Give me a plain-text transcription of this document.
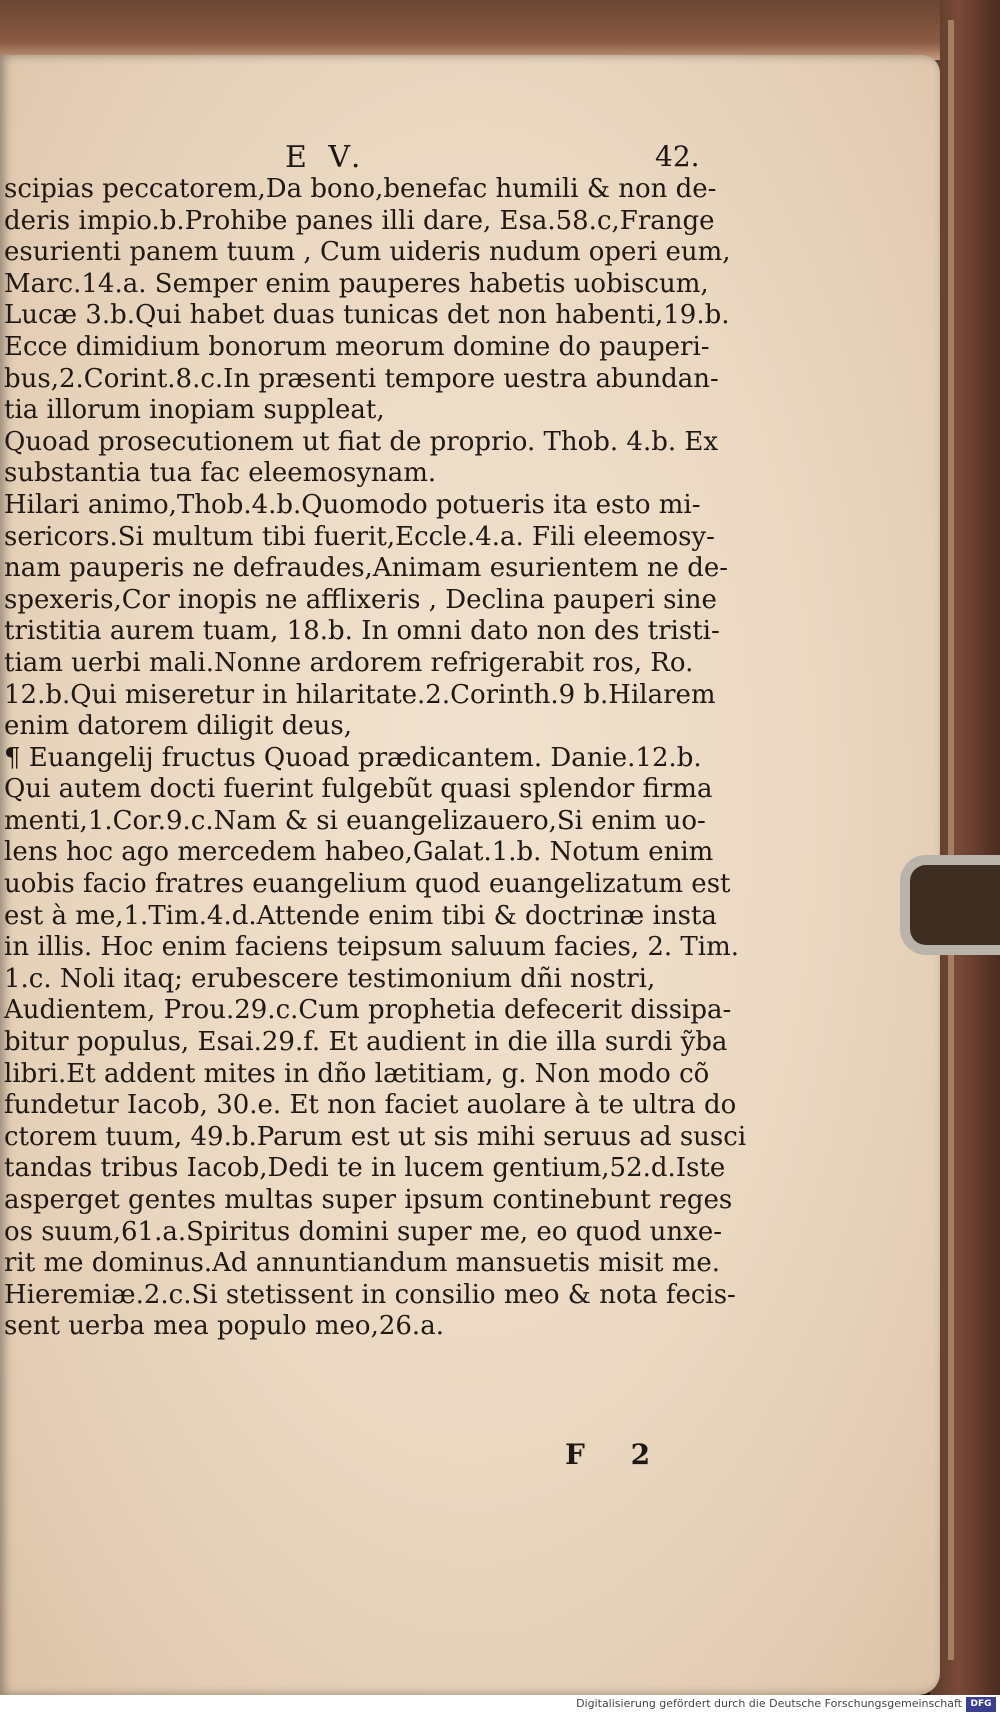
E V.	42.
scipias peccatorem,Da bono,benefac humili & non de-
deris impio.b.Prohibe panes illi dare, Esa.58.c,Frange
esurienti panem tuum , Cum uideris nudum operi eum,
Marc.14.a. Semper enim pauperes habetis uobiscum,
Lucæ 3.b.Qui habet duas tunicas det non habenti,19.b.
Ecce dimidium bonorum meorum domine do pauperi-
bus,2.Corint.8.c.In præsenti tempore uestra abundan-
tia illorum inopiam suppleat,
Quoad prosecutionem ut fiat de proprio. Thob. 4.b. Ex
substantia tua fac eleemosynam.
Hilari animo,Thob.4.b.Quomodo potueris ita esto mi-
sericors.Si multum tibi fuerit,Eccle.4.a. Fili eleemosy-
nam pauperis ne defraudes,Animam esurientem ne de-
spexeris,Cor inopis ne afflixeris , Declina pauperi sine
tristitia aurem tuam, 18.b. In omni dato non des tristi-
tiam uerbi mali.Nonne ardorem refrigerabit ros, Ro.
12.b.Qui miseretur in hilaritate.2.Corinth.9 b.Hilarem
enim datorem diligit deus,
¶ Euangelij fructus Quoad prædicantem. Danie.12.b.
Qui autem docti fuerint fulgebũt quasi splendor firma
menti,1.Cor.9.c.Nam & si euangelizauero,Si enim uo-
lens hoc ago mercedem habeo,Galat.1.b. Notum enim
uobis facio fratres euangelium quod euangelizatum est
est à me,1.Tim.4.d.Attende enim tibi & doctrinæ insta
in illis. Hoc enim faciens teipsum saluum facies, 2. Tim.
1.c. Noli itaq; erubescere testimonium dñi nostri,
Audientem, Prou.29.c.Cum prophetia defecerit dissipa-
bitur populus, Esai.29.f. Et audient in die illa surdi ỹba
libri.Et addent mites in dño lætitiam, g. Non modo cõ
fundetur Iacob, 30.e. Et non faciet auolare à te ultra do
ctorem tuum, 49.b.Parum est ut sis mihi seruus ad susci
tandas tribus Iacob,Dedi te in lucem gentium,52.d.Iste
asperget gentes multas super ipsum continebunt reges
os suum,61.a.Spiritus domini super me, eo quod unxe-
rit me dominus.Ad annuntiandum mansuetis misit me.
Hieremiæ.2.c.Si stetissent in consilio meo & nota fecis-
sent uerba mea populo meo,26.a.
F 2
Digitalisierung gefördert durch die Deutsche Forschungsgemeinschaft DFG
